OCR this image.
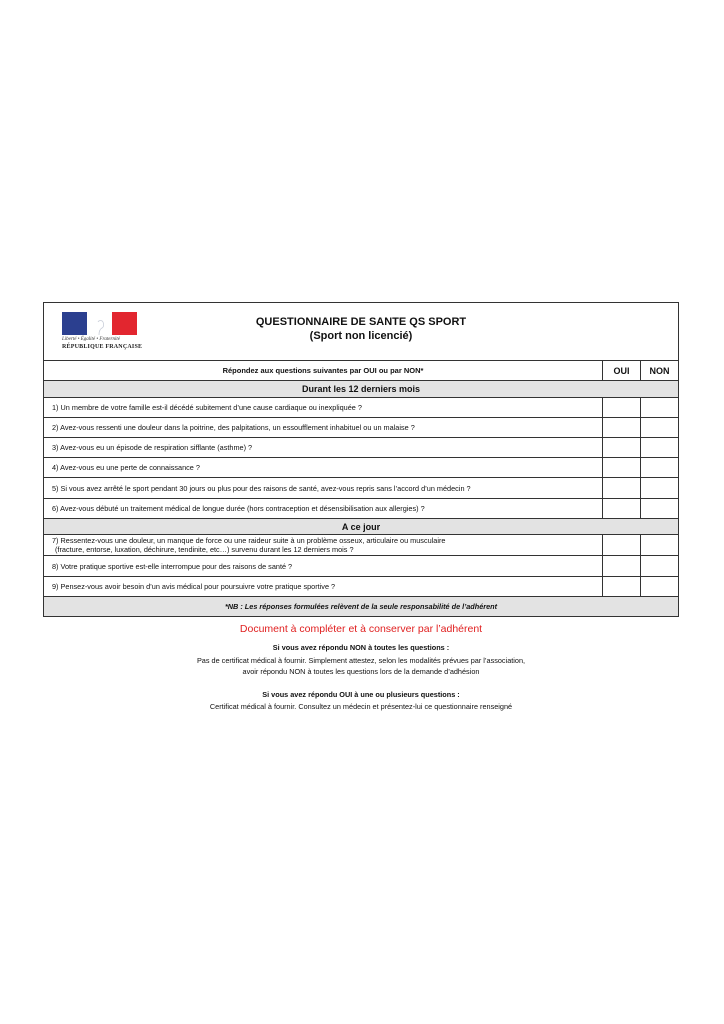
Liberté • Égalité • Fraternité
RÉPUBLIQUE FRANÇAISE
QUESTIONNAIRE DE SANTE QS SPORT
(Sport non licencié)
Répondez aux questions suivantes par OUI ou par NON*	OUI	NON
Durant les 12 derniers mois
1) Un membre de votre famille est-il décédé subitement d’une cause cardiaque ou inexpliquée ?
2) Avez-vous ressenti une douleur dans la poitrine, des palpitations, un essoufflement inhabituel ou un malaise ?
3) Avez-vous eu un épisode de respiration sifflante (asthme) ?
4) Avez-vous eu une perte de connaissance ?
5) Si vous avez arrêté le sport pendant 30 jours ou plus pour des raisons de santé, avez-vous repris sans l’accord d’un médecin ?
6) Avez-vous débuté un traitement médical de longue durée (hors contraception et désensibilisation aux allergies) ?
A ce jour
7) Ressentez-vous une douleur, un manque de force ou une raideur suite à un problème osseux, articulaire ou musculaire
(fracture, entorse, luxation, déchirure, tendinite, etc…) survenu durant les 12 derniers mois ?
8) Votre pratique sportive est-elle interrompue pour des raisons de santé ?
9) Pensez-vous avoir besoin d’un avis médical pour poursuivre votre pratique sportive ?
*NB : Les réponses formulées relèvent de la seule responsabilité de l’adhérent
Document à compléter et à conserver par l’adhérent
Si vous avez répondu NON à toutes les questions :
Pas de certificat médical à fournir. Simplement attestez, selon les modalités prévues par l’association,
avoir répondu NON à toutes les questions lors de la demande d’adhésion
Si vous avez répondu OUI à une ou plusieurs questions :
Certificat médical à fournir. Consultez un médecin et présentez-lui ce questionnaire renseigné
